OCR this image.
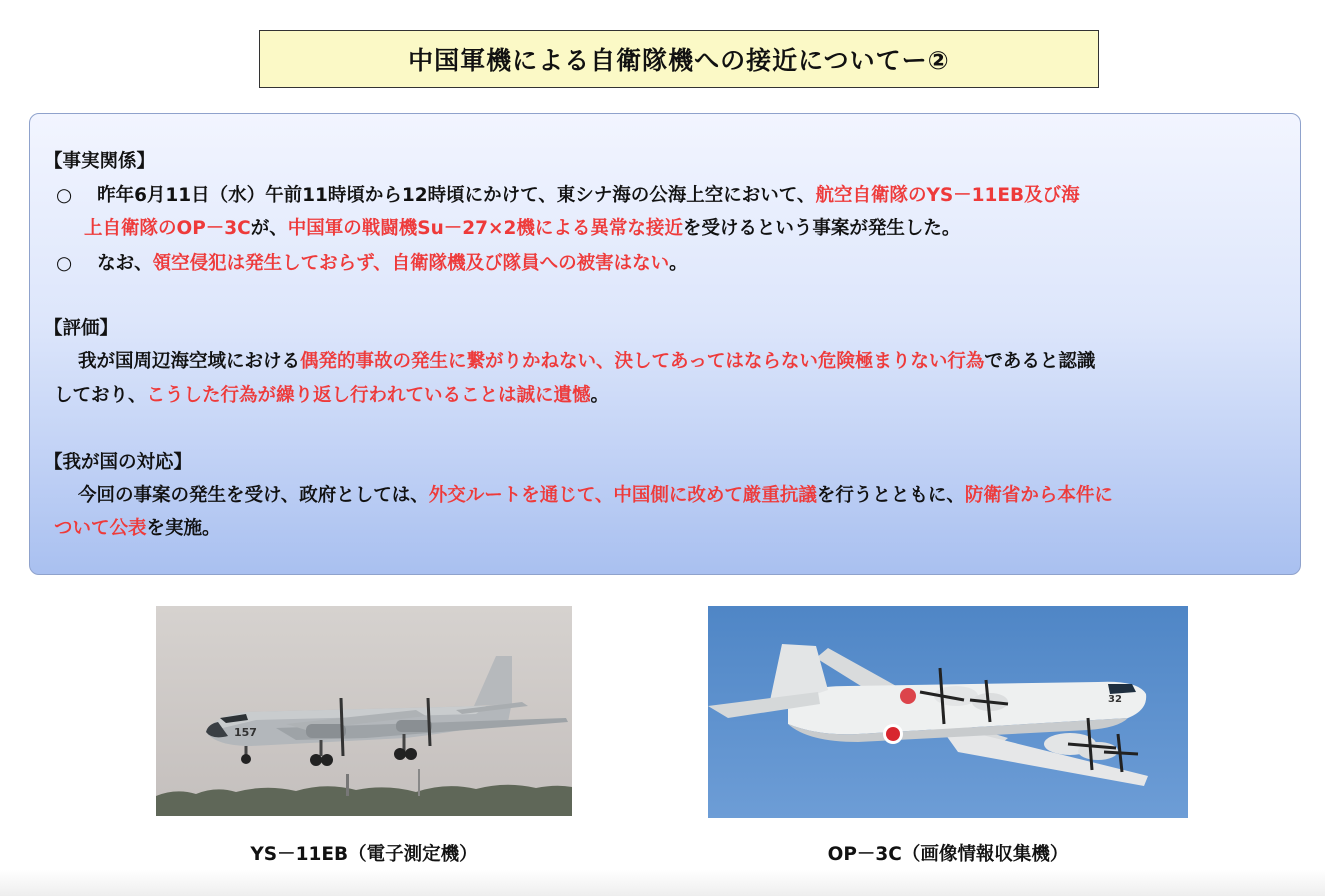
中国軍機による自衛隊機への接近についてー②
【事実関係】
○ 昨年6月11日（水）午前11時頃から12時頃にかけて、東シナ海の公海上空において、航空自衛隊のYS－11EB及び海
上自衛隊のOP－3Cが、中国軍の戦闘機Su－27×2機による異常な接近を受けるという事案が発生した。
○ なお、領空侵犯は発生しておらず、自衛隊機及び隊員への被害はない。
【評価】
我が国周辺海空域における偶発的事故の発生に繋がりかねない、決してあってはならない危険極まりない行為であると認識
しており、こうした行為が繰り返し行われていることは誠に遺憾。
【我が国の対応】
今回の事案の発生を受け、政府としては、外交ルートを通じて、中国側に改めて厳重抗議を行うとともに、防衛省から本件に
ついて公表を実施。
157
YS－11EB（電子測定機）
32
OP－3C（画像情報収集機）
